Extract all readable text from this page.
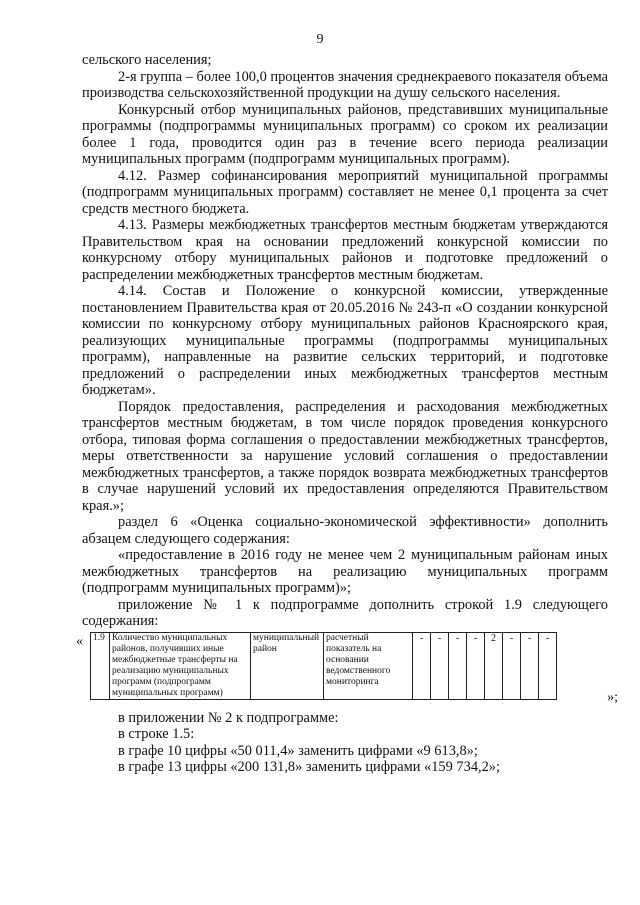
9

сельского населения;

2-я группа – более 100,0 процентов значения среднекраевого показателя объема производства сельскохозяйственной продукции на душу сельского населения.

Конкурсный отбор муниципальных районов, представивших муниципальные программы (подпрограммы муниципальных программ) со сроком их реализации более 1 года, проводится один раз в течение всего периода реализации муниципальных программ (подпрограмм муниципальных программ).

4.12. Размер софинансирования мероприятий муниципальной программы (подпрограмм муниципальных программ) составляет не менее 0,1 процента за счет средств местного бюджета.

4.13. Размеры межбюджетных трансфертов местным бюджетам утверждаются Правительством края на основании предложений конкурсной комиссии по конкурсному отбору муниципальных районов и подготовке предложений о распределении межбюджетных трансфертов местным бюджетам.

4.14. Состав и Положение о конкурсной комиссии, утвержденные постановлением Правительства края от 20.05.2016 № 243-п «О создании конкурсной комиссии по конкурсному отбору муниципальных районов Красноярского края, реализующих муниципальные программы (подпрограммы муниципальных программ), направленные на развитие сельских территорий, и подготовке предложений о распределении иных межбюджетных трансфертов местным бюджетам».

Порядок предоставления, распределения и расходования межбюджетных трансфертов местным бюджетам, в том числе порядок проведения конкурсного отбора, типовая форма соглашения о предоставлении межбюджетных трансфертов, меры ответственности за нарушение условий соглашения о предоставлении межбюджетных трансфертов, а также порядок возврата межбюджетных трансфертов в случае нарушений условий их предоставления определяются Правительством края.»;

раздел 6 «Оценка социально-экономической эффективности» дополнить абзацем следующего содержания:

«предоставление в 2016 году не менее чем 2 муниципальным районам иных межбюджетных трансфертов на реализацию муниципальных программ (подпрограмм муниципальных программ)»;

приложение № 1 к подпрограмме дополнить строкой 1.9 следующего содержания:

« 1.9	Количество муниципальных районов, получивших иные межбюджетные трансферты на реализацию муниципальных программ (подпрограмм муниципальных программ)	муниципальный район	расчетный показатель на основании ведомственного мониторинга	-	-	-	-	2	-	-	-
»;

в приложении № 2 к подпрограмме:

в строке 1.5:

в графе 10 цифры «50 011,4» заменить цифрами «9 613,8»;

в графе 13 цифры «200 131,8» заменить цифрами «159 734,2»;
